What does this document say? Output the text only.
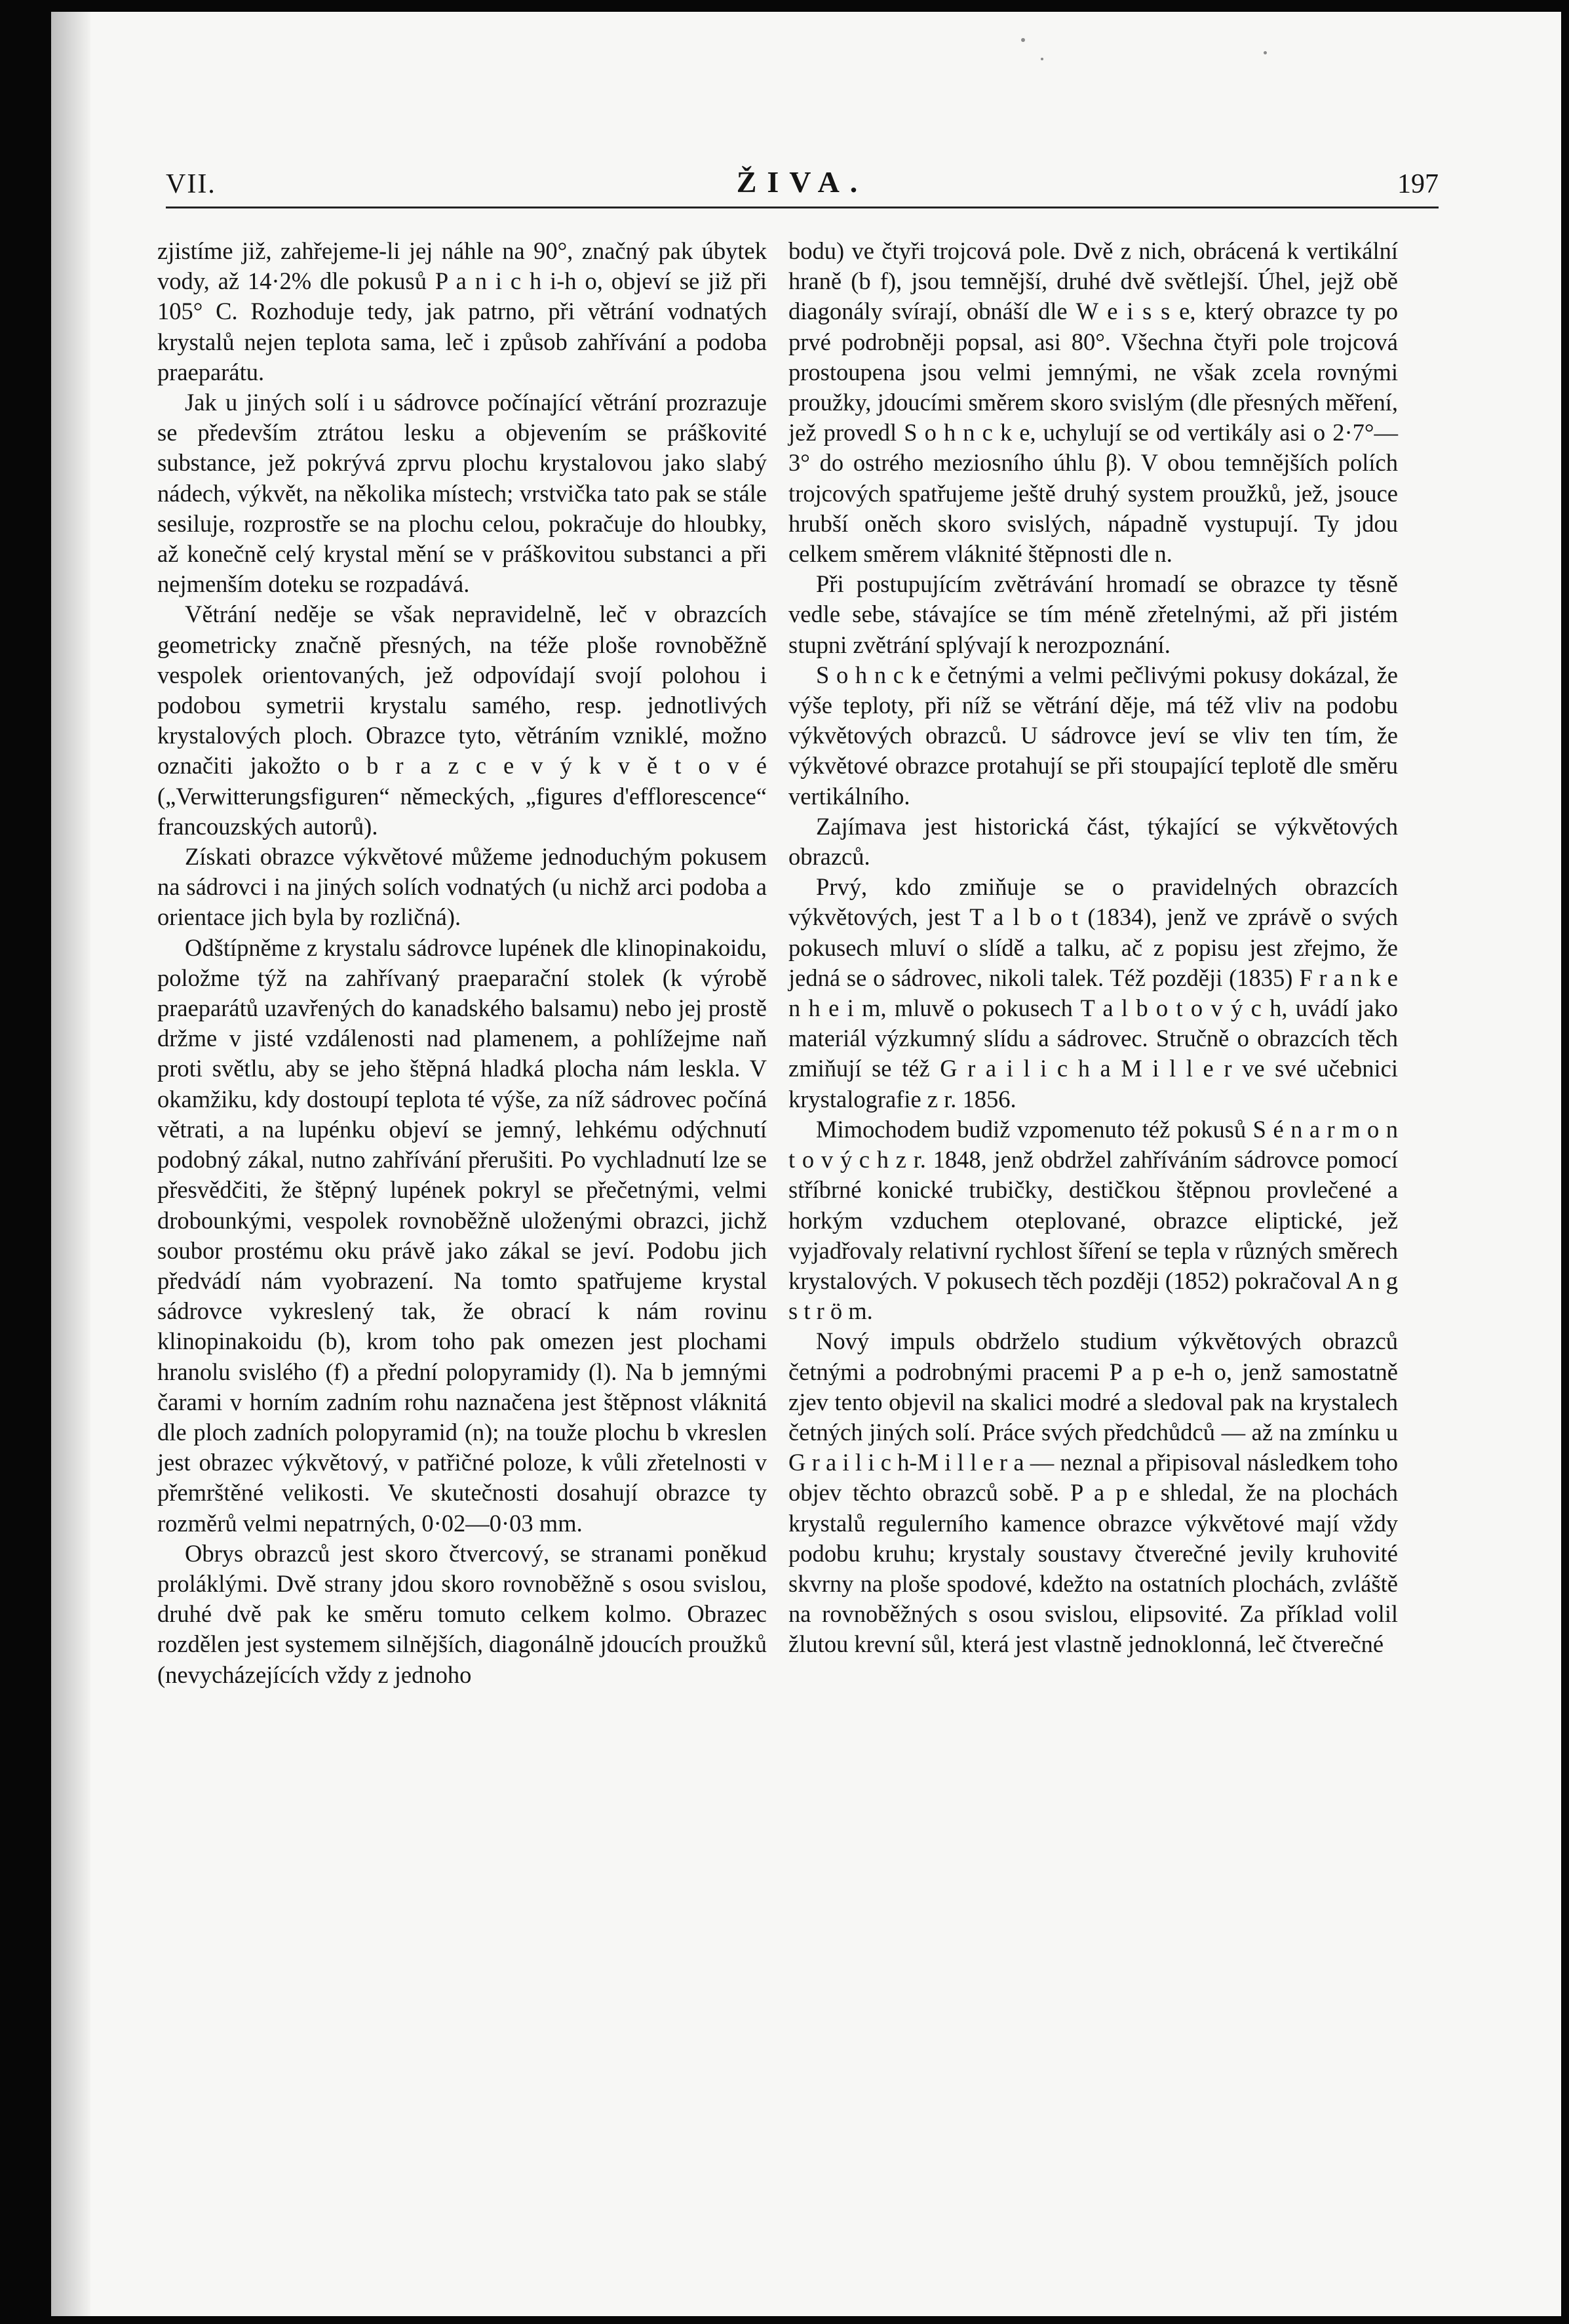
VII.	ŽIVA.	197

zjistíme již, zahřejeme-li jej náhle na 90°, značný pak úbytek vody, až 14·2% dle pokusů P a n i c h i-h o, objeví se již při 105° C. Rozhoduje tedy, jak patrno, při větrání vodnatých krystalů nejen teplota sama, leč i způsob zahřívání a podoba praeparátu.

Jak u jiných solí i u sádrovce počínající větrání prozrazuje se především ztrátou lesku a objevením se práškovité substance, jež pokrývá zprvu plochu krystalovou jako slabý nádech, výkvět, na několika místech; vrstvička tato pak se stále sesiluje, rozprostře se na plochu celou, pokračuje do hloubky, až konečně celý krystal mění se v práškovitou substanci a při nejmenším doteku se rozpadává.

Větrání neděje se však nepravidelně, leč v obrazcích geometricky značně přesných, na téže ploše rovnoběžně vespolek orientovaných, jež odpovídají svojí polohou i podobou symetrii krystalu samého, resp. jednotlivých krystalových ploch. Obrazce tyto, větráním vzniklé, možno označiti jakožto o b r a z c e v ý k v ě t o v é („Verwitterungsfiguren“ německých, „figures d'efflorescence“ francouzských autorů).

Získati obrazce výkvětové můžeme jednoduchým pokusem na sádrovci i na jiných solích vodnatých (u nichž arci podoba a orientace jich byla by rozličná).

Odštípněme z krystalu sádrovce lupének dle klinopinakoidu, položme týž na zahřívaný praeparační stolek (k výrobě praeparátů uzavřených do kanadského balsamu) nebo jej prostě držme v jisté vzdálenosti nad plamenem, a pohlížejme naň proti světlu, aby se jeho štěpná hladká plocha nám leskla. V okamžiku, kdy dostoupí teplota té výše, za níž sádrovec počíná větrati, a na lupénku objeví se jemný, lehkému odýchnutí podobný zákal, nutno zahřívání přerušiti. Po vychladnutí lze se přesvědčiti, že štěpný lupének pokryl se přečetnými, velmi drobounkými, vespolek rovnoběžně uloženými obrazci, jichž soubor prostému oku právě jako zákal se jeví. Podobu jich předvádí nám vyobrazení. Na tomto spatřujeme krystal sádrovce vykreslený tak, že obrací k nám rovinu klinopinakoidu (b), krom toho pak omezen jest plochami hranolu svislého (f) a přední polopyramidy (l). Na b jemnými čarami v horním zadním rohu naznačena jest štěpnost vláknitá dle ploch zadních polopyramid (n); na touže plochu b vkreslen jest obrazec výkvětový, v patřičné poloze, k vůli zřetelnosti v přemrštěné velikosti. Ve skutečnosti dosahují obrazce ty rozměrů velmi nepatrných, 0·02—0·03 mm.

Obrys obrazců jest skoro čtvercový, se stranami poněkud proláklými. Dvě strany jdou skoro rovnoběžně s osou svislou, druhé dvě pak ke směru tomuto celkem kolmo. Obrazec rozdělen jest systemem silnějších, diagonálně jdoucích proužků (nevycházejících vždy z jednoho

bodu) ve čtyři trojcová pole. Dvě z nich, obrácená k vertikální hraně (b f), jsou temnější, druhé dvě světlejší. Úhel, jejž obě diagonály svírají, obnáší dle W e i s s e, který obrazce ty po prvé podrobněji popsal, asi 80°. Všechna čtyři pole trojcová prostoupena jsou velmi jemnými, ne však zcela rovnými proužky, jdoucími směrem skoro svislým (dle přesných měření, jež provedl S o h n c k e, uchylují se od vertikály asi o 2·7°—3° do ostrého meziosního úhlu β). V obou temnějších polích trojcových spatřujeme ještě druhý system proužků, jež, jsouce hrubší oněch skoro svislých, nápadně vystupují. Ty jdou celkem směrem vláknité štěpnosti dle n.

Při postupujícím zvětrávání hromadí se obrazce ty těsně vedle sebe, stávajíce se tím méně zřetelnými, až při jistém stupni zvětrání splývají k nerozpoznání.

S o h n c k e četnými a velmi pečlivými pokusy dokázal, že výše teploty, při níž se větrání děje, má též vliv na podobu výkvětových obrazců. U sádrovce jeví se vliv ten tím, že výkvětové obrazce protahují se při stoupající teplotě dle směru vertikálního.

Zajímava jest historická část, týkající se výkvětových obrazců.

Prvý, kdo zmiňuje se o pravidelných obrazcích výkvětových, jest T a l b o t (1834), jenž ve zprávě o svých pokusech mluví o slídě a talku, ač z popisu jest zřejmo, že jedná se o sádrovec, nikoli talek. Též později (1835) F r a n k e n h e i m, mluvě o pokusech T a l b o t o v ý c h, uvádí jako materiál výzkumný slídu a sádrovec. Stručně o obrazcích těch zmiňují se též G r a i l i c h a M i l l e r ve své učebnici krystalografie z r. 1856.

Mimochodem budiž vzpomenuto též pokusů S é n a r m o n t o v ý c h z r. 1848, jenž obdržel zahříváním sádrovce pomocí stříbrné konické trubičky, destičkou štěpnou provlečené a horkým vzduchem oteplované, obrazce eliptické, jež vyjadřovaly relativní rychlost šíření se tepla v různých směrech krystalových. V pokusech těch později (1852) pokračoval A n g s t r ö m.

Nový impuls obdrželo studium výkvětových obrazců četnými a podrobnými pracemi P a p e-h o, jenž samostatně zjev tento objevil na skalici modré a sledoval pak na krystalech četných jiných solí. Práce svých předchůdců — až na zmínku u G r a i l i c h-M i l l e r a — neznal a připisoval následkem toho objev těchto obrazců sobě. P a p e shledal, že na plochách krystalů regulerního kamence obrazce výkvětové mají vždy podobu kruhu; krystaly soustavy čtverečné jevily kruhovité skvrny na ploše spodové, kdežto na ostatních plochách, zvláště na rovnoběžných s osou svislou, elipsovité. Za příklad volil žlutou krevní sůl, která jest vlastně jednoklonná, leč čtverečné
